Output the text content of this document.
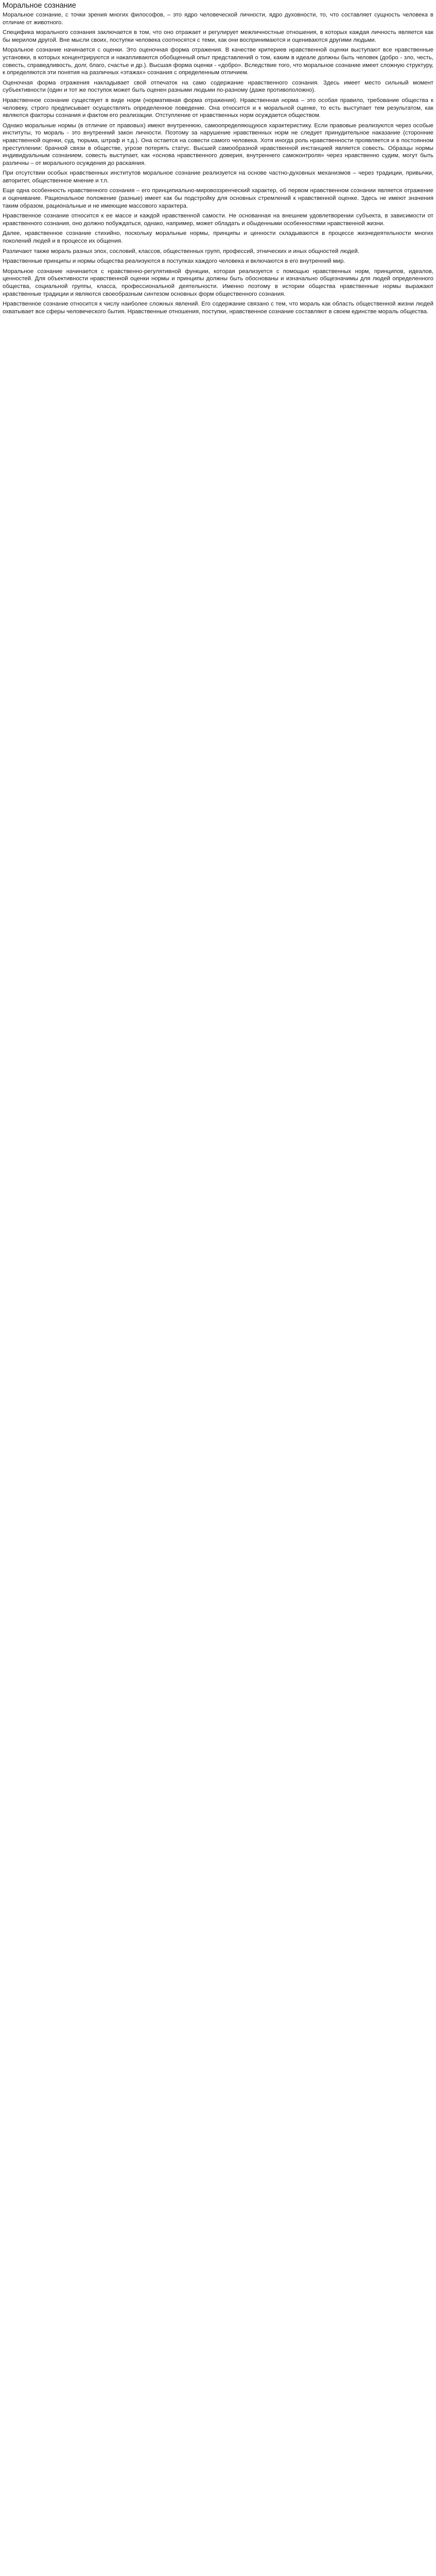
Моральное сознание

Моральное сознание, с точки зрения многих философов, – это ядро человеческой личности, ядро духовности, то, что составляет сущность человека в отличие от животного.

Специфика морального сознания заключается в том, что оно отражает и регулирует межличностные отношения, в которых каждая личность является как бы мерилом другой. Вне мысли своих, поступки человека соотносятся с теми, как они воспринимаются и оцениваются другими людьми.

Моральное сознание начинается с оценки. Это оценочная форма отражения. В качестве критериев нравственной оценки выступают все нравственные установки, в которых концентрируются и накапливаются обобщенный опыт представлений о том, каким в идеале должны быть человек (добро - зло, честь, совесть, справедливость, долг, благо, счастье и др.). Высшая форма оценки - «добро». Вследствие того, что моральное сознание имеет сложную структуру, к определяются эти понятия на различных «этажах» сознания с определенным отличием.

Оценочная форма отражения накладывает свой отпечаток на само содержание нравственного сознания. Здесь имеет место сильный момент субъективности (один и тот же поступок может быть оценен разными людьми по-разному (даже противоположно).

Нравственное сознание существует в виде норм (нормативная форма отражения). Нравственная норма – это особая правило, требование общества к человеку, строго предписывает осуществлять определенное поведение. Она относится и к моральной оценке, то есть выступает тем результатом, как являются факторы сознания и фактом его реализации. Отступление от нравственных норм осуждается обществом.

Однако моральные нормы (в отличие от правовых) имеют внутреннюю, самоопределяющуюся характеристику. Если правовые реализуются через особые институты, то мораль - это внутренний закон личности. Поэтому за нарушение нравственных норм не следует принудительное наказание (сторонние нравственной оценки, суд, тюрьма, штраф и т.д.). Она остается на совести самого человека. Хотя иногда роль нравственности проявляется и в постоянном преступлении: брачной связи в обществе, угрозе потерять статус. Высшей самообразной нравственной инстанцией является совесть. Образцы нормы индивидуальным сознанием, совесть выступает, как «основа нравственного доверия, внутреннего самоконтроля» через нравственно судим, могут быть различны – от морального осуждения до раскаяния.

При отсутствии особых нравственных институтов моральное сознание реализуется на основе частно-духовных механизмов – через традиции, привычки, авторитет, общественное мнение и т.п.

Еще одна особенность нравственного сознания – его принципиально-мировоззренческий характер, об первом нравственном сознании является отражение и оценивание. Рациональное положение (разные) имеет как бы подстройку для основных стремлений к нравственной оценке. Здесь не имеют значения таким образом, рациональные и не имеющие массового характера.

Нравственное сознание относится к ее массе и каждой нравственной самости. Не основанная на внешнем удовлетворении субъекта, в зависимости от нравственного сознания, оно должно побуждаться, однако, например, может обладать и обыденными особенностями нравственной жизни.

Далее, нравственное сознание стихийно, поскольку моральные нормы, принципы и ценности складываются в процессе жизнедеятельности многих поколений людей и в процессе их общения.

Различают также мораль разных эпох, сословий, классов, общественных групп, профессий, этнических и иных общностей людей.

Нравственные принципы и нормы общества реализуются в поступках каждого человека и включаются в его внутренний мир.

Моральное сознание начинается с нравственно-регулятивной функции, которая реализуется с помощью нравственных норм, принципов, идеалов, ценностей. Для объективности нравственной оценки нормы и принципы должны быть обоснованы и изначально общезначимы для людей определенного общества, социальной группы, класса, профессиональной деятельности. Именно поэтому в истории общества нравственные нормы выражают нравственные традиции и являются своеобразным синтезом основных форм общественного сознания.

Нравственное сознание относится к числу наиболее сложных явлений. Его содержание связано с тем, что мораль как область общественной жизни людей охватывает все сферы человеческого бытия. Нравственные отношения, поступки, нравственное сознание составляют в своем единстве мораль общества.
